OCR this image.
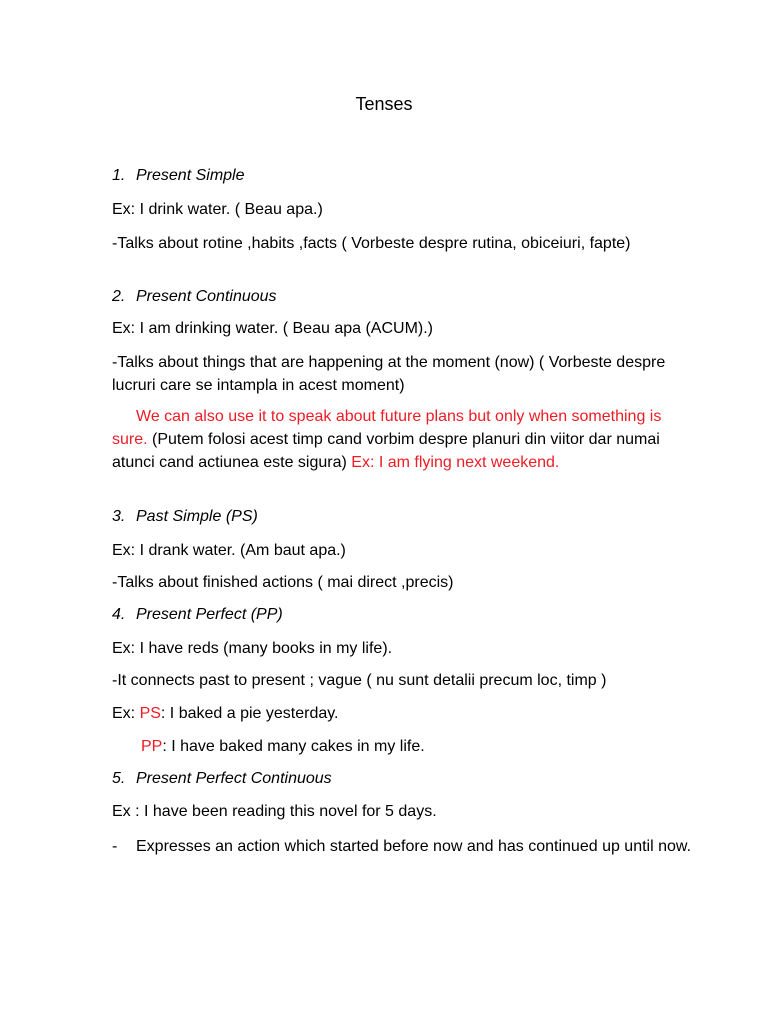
Tenses
1. Present Simple
Ex: I drink water. ( Beau apa.)
-Talks about rotine ,habits ,facts ( Vorbeste despre rutina, obiceiuri, fapte)
2. Present Continuous
Ex: I am drinking water. ( Beau apa (ACUM).)
-Talks about things that are happening at the moment (now) ( Vorbeste despre lucruri care se intampla in acest moment)
We can also use it to speak about future plans but only when something is sure. (Putem folosi acest timp cand vorbim despre planuri din viitor dar numai atunci cand actiunea este sigura) Ex: I am flying next weekend.
3. Past Simple (PS)
Ex: I drank water. (Am baut apa.)
-Talks about finished actions ( mai direct ,precis)
4. Present Perfect (PP)
Ex: I have reds (many books in my life).
-It connects past to present ; vague ( nu sunt detalii precum loc, timp )
Ex: PS: I baked a pie yesterday.
PP: I have baked many cakes in my life.
5. Present Perfect Continuous
Ex : I have been reading this novel for 5 days.
- Expresses an action which started before now and has continued up until now.
